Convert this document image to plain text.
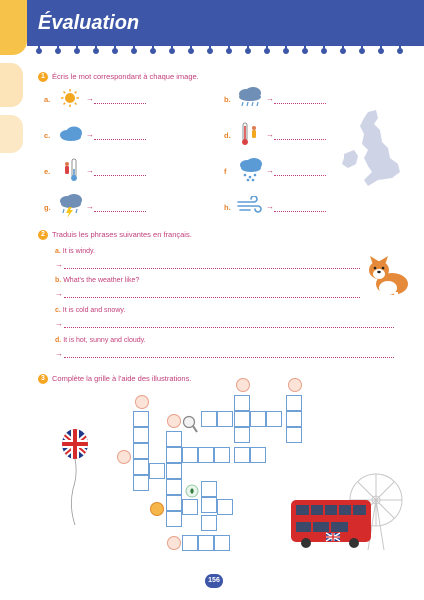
Évaluation
1 Écris le mot correspondant à chaque image.
a.	→
c.	→
e.	→
g.	→
b.	→
d.	→
f	→
h.	→
2 Traduis les phrases suivantes en français.
a. It is windy.
→
b. What's the weather like?
→
c. It is cold and snowy.
→
d. It is hot, sunny and cloudy.
→
3 Complète la grille à l'aide des illustrations.
156
